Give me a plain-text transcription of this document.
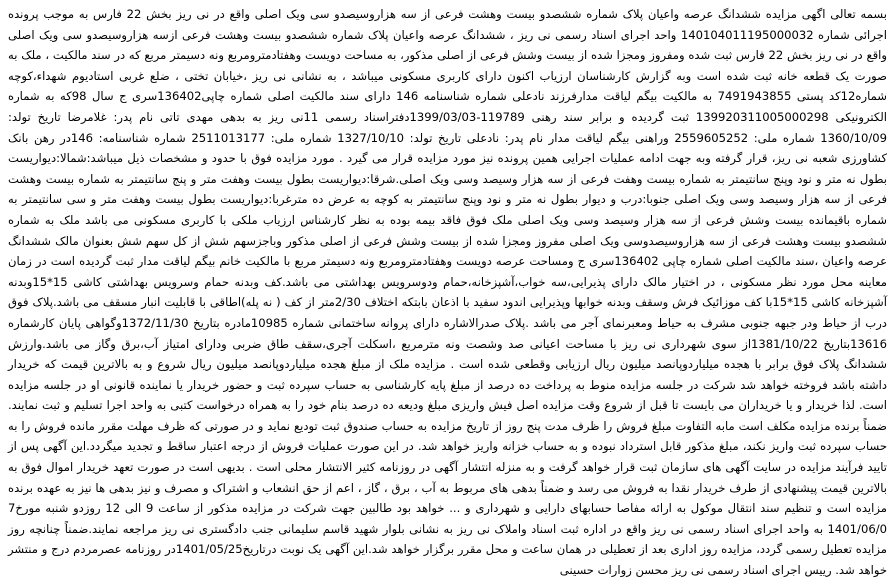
بسمه تعالی اگهی مزایده ششدانگ عرصه واعیان پلاک شماره ششصدو بیست وهشت فرعی از سه هزاروسیصدو سی ویک اصلی واقع در نی ریز بخش 22 فارس به موجب پرونده اجرائی شماره 140104011195000032 واحد اجرای اسناد رسمی نی ریز ، ششدانگ عرصه واعیان پلاک شماره ششصدو بیست وهشت فرعی ازسه هزاروسیصدو سی ویک اصلی واقع در نی ریز بخش 22 فارس ثبت شده ومفروز ومجزا شده از بیست وشش فرعی از اصلی مذکور، به مساحت دویست وهفتادمترومربع ونه دسیمتر مربع که در سند مالکیت ، ملک به صورت یک قطعه خانه ثبت شده است وبه گزارش کارشناسان ارزیاب اکنون دارای کاربری مسکونی میباشد ، به نشانی نی ریز ،خیابان تختی ، ضلع غربی استادیوم شهداء،کوچه شماره12کد پستی 7491943855 به مالکیت بیگم لیاقت مدارفرزند نادعلی شماره شناسنامه 146 دارای سند مالکیت اصلی شماره چاپی136402سری ج سال 98که به شماره الکترونیکی 139920311005000298 ثبت گردیده و برابر سند رهنی 119789-1399/03/03دفتراسناد رسمی 11نی ریز به بدهی مهدی تاتی نام پدر: غلامرضا تاریخ تولد: 1360/10/09 شماره ملی: 2559605252 وراهنی بیگم لیاقت مدار نام پدر: نادعلی تاریخ تولد: 1327/10/10 شماره ملی: 2511013177 شماره شناسنامه: 146در رهن بانک کشاورزی شعبه نی ریز، قرار گرفته وبه جهت ادامه عملیات اجرایی همین پرونده نیز مورد مزایده قرار می گیرد . مورد مزایده فوق با حدود و مشخصات ذیل میباشد:شمالا:دیواریست بطول نه متر و نود وپنج سانتیمتر به شماره بیست وهفت فرعی از سه هزار وسیصد وسی ویک اصلی.شرقا:دیواریست بطول بیست وهفت متر و پنج سانتیمتر به شماره بیست وهشت فرعی از سه هزار وسیصد وسی ویک اصلی جنوبا:درب و دیوار بطول نه متر و نود وپنج سانتیمتر به کوچه به عرض ده مترغربا:دیواریست بطول بیست وهفت متر و سی سانتیمتر به شماره باقیمانده بیست وشش فرعی از سه هزار وسیصد وسی ویک اصلی ملک فوق فاقد بیمه بوده به نظر کارشناس ارزیاب ملکی با کاربری مسکونی می باشد ملک به شماره ششصدو بیست وهشت فرعی از سه هزاروسیصدوسی ویک اصلی مفروز ومجزا شده از بیست وشش فرعی از اصلی مذکور وباجزسهم شش از کل سهم شش بعنوان مالک ششدانگ عرصه واعیان ،سند مالکیت اصلی شماره چاپی 136402سری ج ومساحت عرصه دویست وهفتادمترومربع ونه دسیمتر مربع با مالکیت خانم بیگم لیاقت مدار ثبت گردیده است در زمان معاینه محل مورد نظر مسکونی ، در اختیار مالک دارای پذیرایی،سه خواب،آشپزخانه،حمام ودوسرویس بهداشتی می باشد.کف وبدنه حمام وسرویس بهداشتی کاشی 15*15وبدنه آشپزخانه کاشی 15*15با کف موزائیک فرش وسقف وبدنه خوابها وپذیرایی اندود سفید با اذعان بابتکه اختلاف 2/30متر از کف ( نه پله)اطاقی با قابلیت انبار مسقف می باشد.پلاک فوق درب از حیاط ودر جبهه جنوبی مشرف به حیاط ومعبرنمای آجر می باشد .پلاک صدرالاشاره دارای پروانه ساختمانی شماره 10985مادره بتاریخ 1372/11/30وگواهی پایان کارشماره 13616بتاریخ 1381/10/22از سوی شهرداری نی ریز با مساحت اعیانی صد وشصت ونه مترمربع ،اسکلت آجری،سقف طاق ضربی ودارای امتیاز آب،برق وگاز می باشد.وارزش ششدانگ پلاک فوق برابر با هجده میلیاردوپانصد میلیون ریال ارزیابی وقطعی شده است . مزایده ملک از مبلغ هجده میلیاردوپانصد میلیون ریال شروع و به بالاترین قیمت که خریدار داشته باشد فروخته خواهد شد شرکت در جلسه مزایده منوط به پرداخت ده درصد از مبلغ پایه کارشناسی به حساب سپرده ثبت و حضور خریدار یا نماینده قانونی او در جلسه مزایده است. لذا خریدار و یا خریداران می بایست تا قبل از شروع وقت مزایده اصل فیش واریزی مبلغ ودیعه ده درصد بنام خود را به همراه درخواست کتبی به واحد اجرا تسلیم و ثبت نمایند. ضمناً برنده مزایده مکلف است مابه التفاوت مبلغ فروش را ظرف مدت پنج روز از تاریخ مزایده به حساب صندوق ثبت تودیع نماید و در صورتی که ظرف مهلت مقرر مانده فروش را به حساب سپرده ثبت واریز نکند، مبلغ مذکور قابل استرداد نبوده و به حساب خزانه واریز خواهد شد. در این صورت عملیات فروش از درجه اعتبار ساقط و تجدید میگردد.این آگهی پس از تایید فرآیند مزایده در سایت آگهی های سازمان ثبت قرار خواهد گرفت و به منزله انتشار آگهی در روزنامه کثیر الانتشار محلی است . بدیهی است در صورت تعهد خریدار اموال فوق به بالاترین قیمت پیشنهادی از طرف خریدار نقدا به فروش می رسد و ضمناً بدهی های مربوط به آب ، برق ، گاز ، اعم از حق انشعاب و اشتراک و مصرف و نیز بدهی ها نیز به عهده برنده مزایده است و تنظیم سند انتقال موکول به ارائه مفاصا حسابهای دارایی و شهرداری و ... خواهد بود طالبین جهت شرکت در مزایده مذکور از ساعت 9 الی 12 روزدو شنبه مورخ7 1401/06/0 به واحد اجرای اسناد رسمی نی ریز واقع در اداره ثبت اسناد واملاک نی ریز به نشانی بلوار شهید قاسم سلیمانی جنب دادگستری نی ریز مراجعه نمایند.ضمناً چنانچه روز مزایده تعطیل رسمی گردد، مزایده روز اداری بعد از تعطیلی در همان ساعت و محل مقرر برگزار خواهد شد.این آگهی یک نوبت درتاریخ1401/05/25در روزنامه عصرمردم درج و منتشر خواهد شد. رییس اجرای اسناد رسمی نی ریز محسن زوارات حسینی
